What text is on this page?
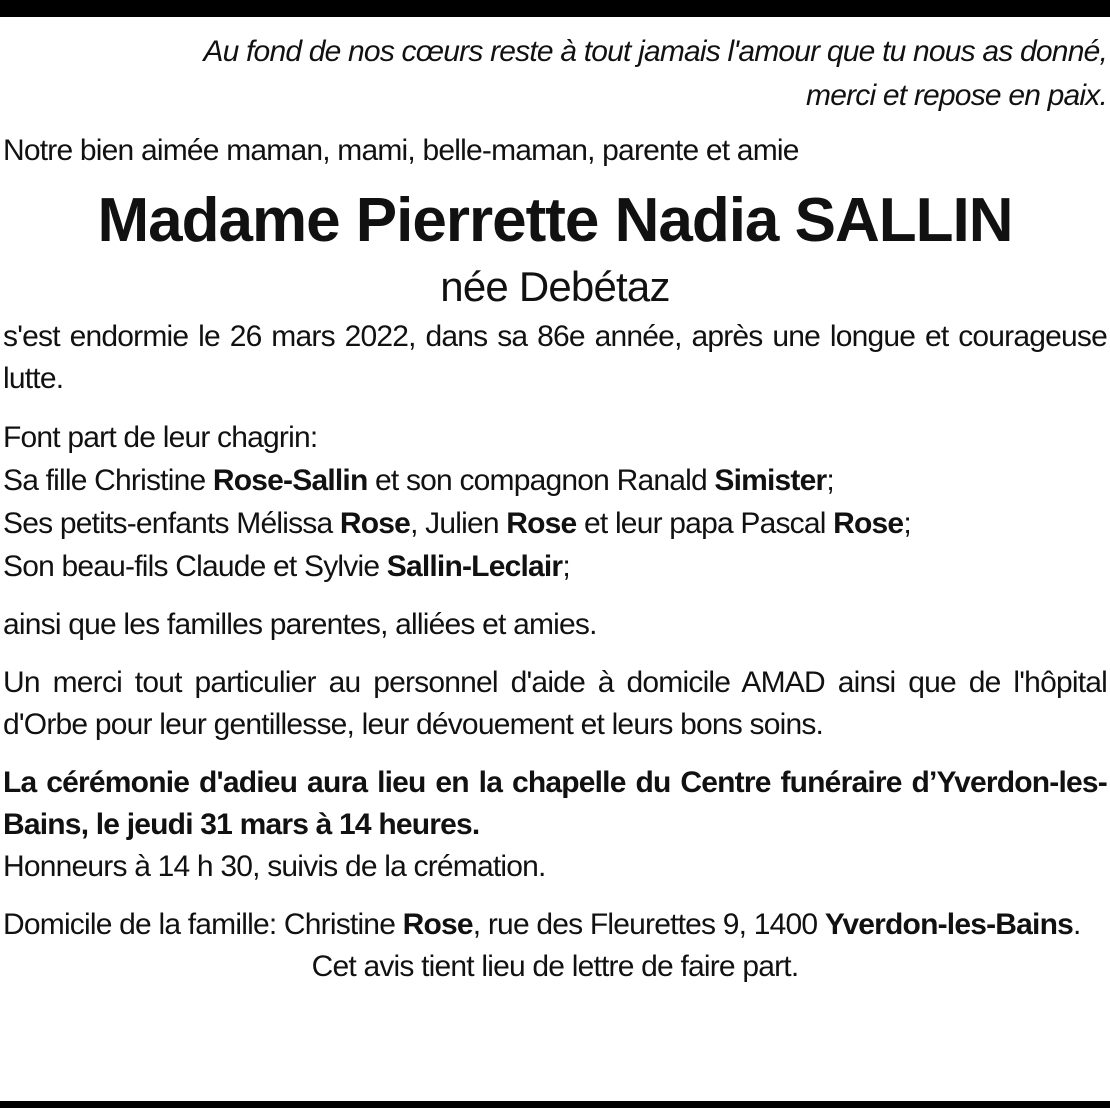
Au fond de nos cœurs reste à tout jamais l'amour que tu nous as donné,
merci et repose en paix.

Notre bien aimée maman, mami, belle-maman, parente et amie

Madame Pierrette Nadia SALLIN

née Debétaz

s'est endormie le 26 mars 2022, dans sa 86e année, après une longue et courageuse lutte.

Font part de leur chagrin:
Sa fille Christine Rose-Sallin et son compagnon Ranald Simister;
Ses petits-enfants Mélissa Rose, Julien Rose et leur papa Pascal Rose;
Son beau-fils Claude et Sylvie Sallin-Leclair;

ainsi que les familles parentes, alliées et amies.

Un merci tout particulier au personnel d'aide à domicile AMAD ainsi que de l'hôpital d'Orbe pour leur gentillesse, leur dévouement et leurs bons soins.

La cérémonie d'adieu aura lieu en la chapelle du Centre funéraire d’Yverdon-les-Bains, le jeudi 31 mars à 14 heures.

Honneurs à 14 h 30, suivis de la crémation.

Domicile de la famille: Christine Rose, rue des Fleurettes 9, 1400 Yverdon-les-Bains.

Cet avis tient lieu de lettre de faire part.
